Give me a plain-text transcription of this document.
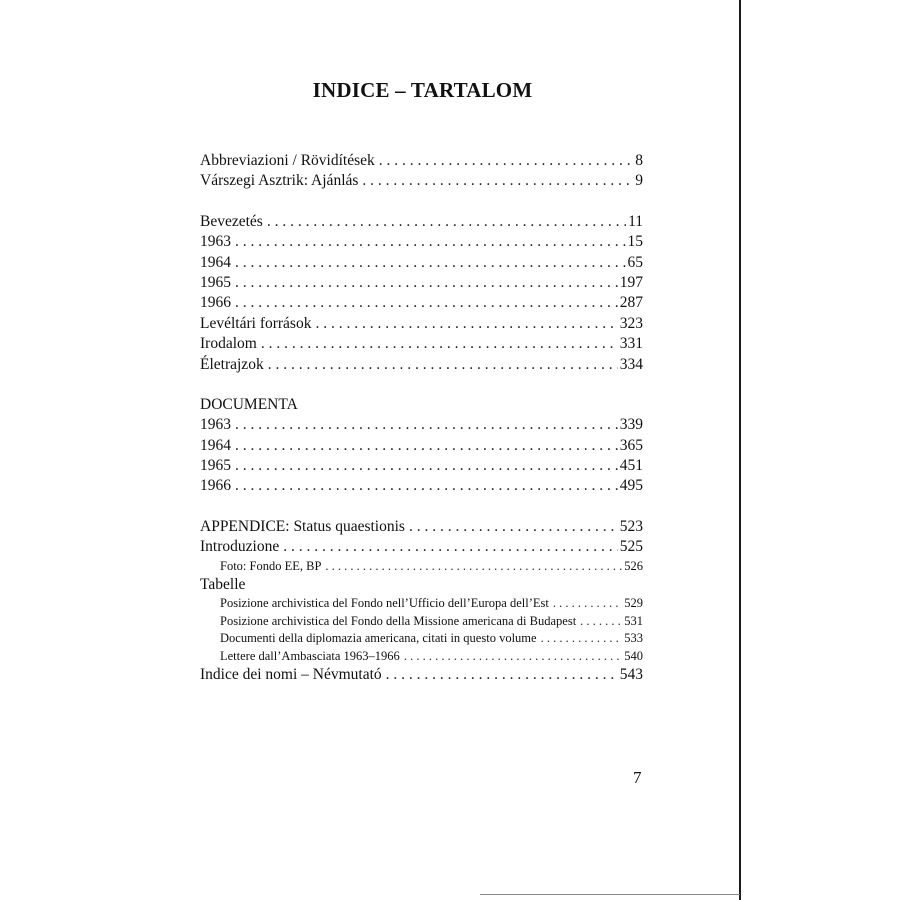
INDICE – TARTALOM
Abbreviazioni / Rövidítések . . .	8
Várszegi Asztrik: Ajánlás . . .	9
Bevezetés . . .	11
1963 . . .	15
1964 . . .	65
1965 . . .	197
1966 . . .	287
Levéltári források . . .	323
Irodalom . . .	331
Életrajzok . . .	334
DOCUMENTA
1963 . . .	339
1964 . . .	365
1965 . . .	451
1966 . . .	495
APPENDICE: Status quaestionis . . .	523
Introduzione . . .	525
Foto: Fondo EE, BP . . .	526
Tabelle
Posizione archivistica del Fondo nell’Ufficio dell’Europa dell’Est . . .	529
Posizione archivistica del Fondo della Missione americana di Budapest . . .	531
Documenti della diplomazia americana, citati in questo volume . . .	533
Lettere dall’Ambasciata 1963–1966 . . .	540
Indice dei nomi – Névmutató . . .	543
7
